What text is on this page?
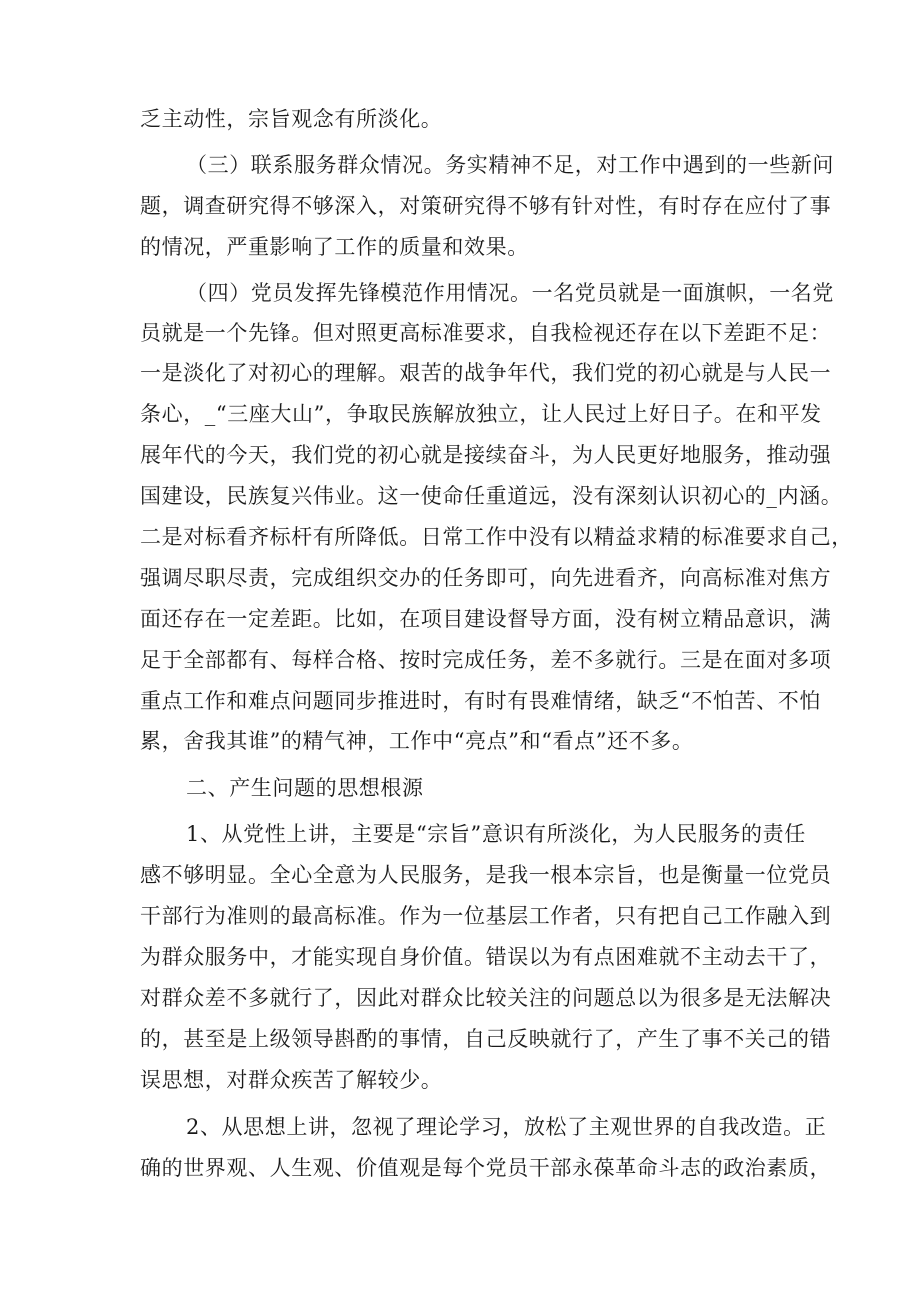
乏主动性，宗旨观念有所淡化。
（三）联系服务群众情况。务实精神不足，对工作中遇到的一些新问
题，调查研究得不够深入，对策研究得不够有针对性，有时存在应付了事
的情况，严重影响了工作的质量和效果。
（四）党员发挥先锋模范作用情况。一名党员就是一面旗帜，一名党
员就是一个先锋。但对照更高标准要求，自我检视还存在以下差距不足：
一是淡化了对初心的理解。艰苦的战争年代，我们党的初心就是与人民一
条心，_“三座大山”，争取民族解放独立，让人民过上好日子。在和平发
展年代的今天，我们党的初心就是接续奋斗，为人民更好地服务，推动强
国建设，民族复兴伟业。这一使命任重道远，没有深刻认识初心的_内涵。
二是对标看齐标杆有所降低。日常工作中没有以精益求精的标准要求自己，
强调尽职尽责，完成组织交办的任务即可，向先进看齐，向高标准对焦方
面还存在一定差距。比如，在项目建设督导方面，没有树立精品意识，满
足于全部都有、每样合格、按时完成任务，差不多就行。三是在面对多项
重点工作和难点问题同步推进时，有时有畏难情绪，缺乏“不怕苦、不怕
累，舍我其谁”的精气神，工作中“亮点”和“看点”还不多。
二、产生问题的思想根源
1、从党性上讲，主要是“宗旨”意识有所淡化，为人民服务的责任
感不够明显。全心全意为人民服务，是我一根本宗旨，也是衡量一位党员
干部行为准则的最高标准。作为一位基层工作者，只有把自己工作融入到
为群众服务中，才能实现自身价值。错误以为有点困难就不主动去干了，
对群众差不多就行了，因此对群众比较关注的问题总以为很多是无法解决
的，甚至是上级领导斟酌的事情，自己反映就行了，产生了事不关己的错
误思想，对群众疾苦了解较少。
2、从思想上讲，忽视了理论学习，放松了主观世界的自我改造。正
确的世界观、人生观、价值观是每个党员干部永葆革命斗志的政治素质，
